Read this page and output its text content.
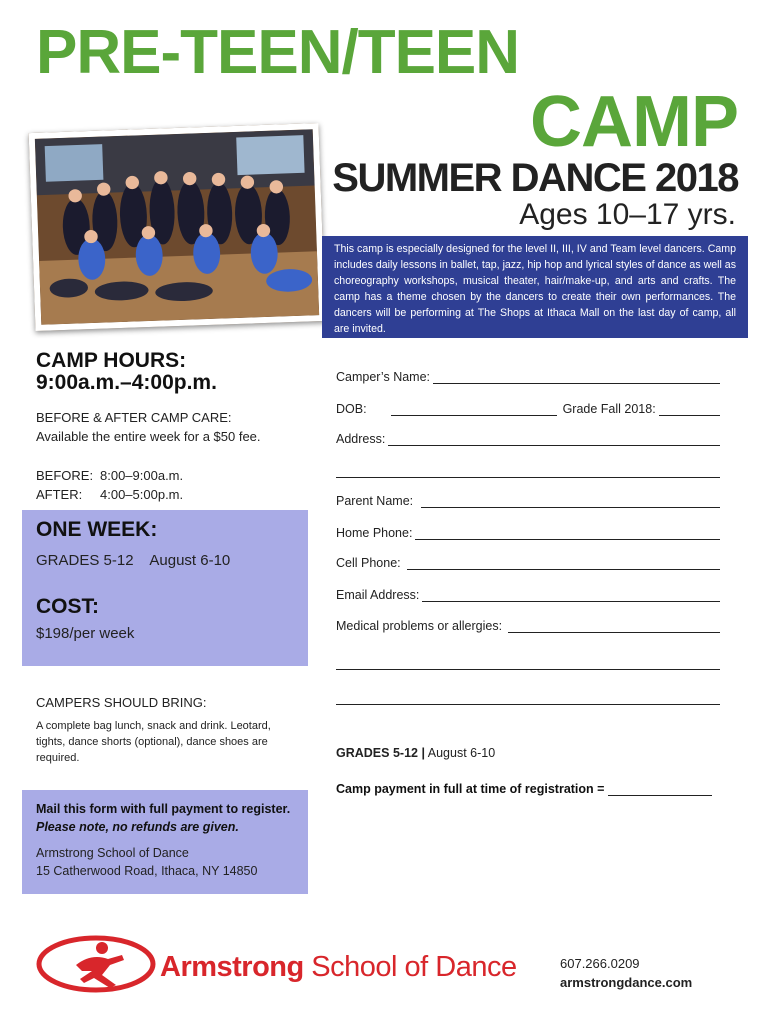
PRE-TEEN/TEEN
CAMP
SUMMER DANCE 2018
Ages 10–17 yrs.
This camp is especially designed for the level II, III, IV and Team level dancers. Camp includes daily lessons in ballet, tap, jazz, hip hop and lyrical styles of dance as well as choreography workshops, musical theater, hair/make-up, and arts and crafts. The camp has a theme chosen by the dancers to create their own performances. The dancers will be performing at The Shops at Ithaca Mall on the last day of camp, all are invited.
CAMP HOURS:
9:00a.m.–4:00p.m.
BEFORE & AFTER CAMP CARE:
Available the entire week for a $50 fee.
BEFORE: 8:00–9:00a.m.
AFTER:	4:00–5:00p.m.
ONE WEEK:
GRADES 5-12    August 6-10
COST:
$198/per week
CAMPERS SHOULD BRING:
A complete bag lunch, snack and drink. Leotard, tights, dance shorts (optional), dance shoes are required.
Mail this form with full payment to register.
Please note, no refunds are given.
Armstrong School of Dance
15 Catherwood Road, Ithaca, NY 14850
Camper’s Name:
DOB:	Grade Fall 2018:
Address:
Parent Name:
Home Phone:
Cell Phone:
Email Address:
Medical problems or allergies:
GRADES 5-12 | August 6-10
Camp payment in full at time of registration =
Armstrong School of Dance	607.266.0209
armstrongdance.com
